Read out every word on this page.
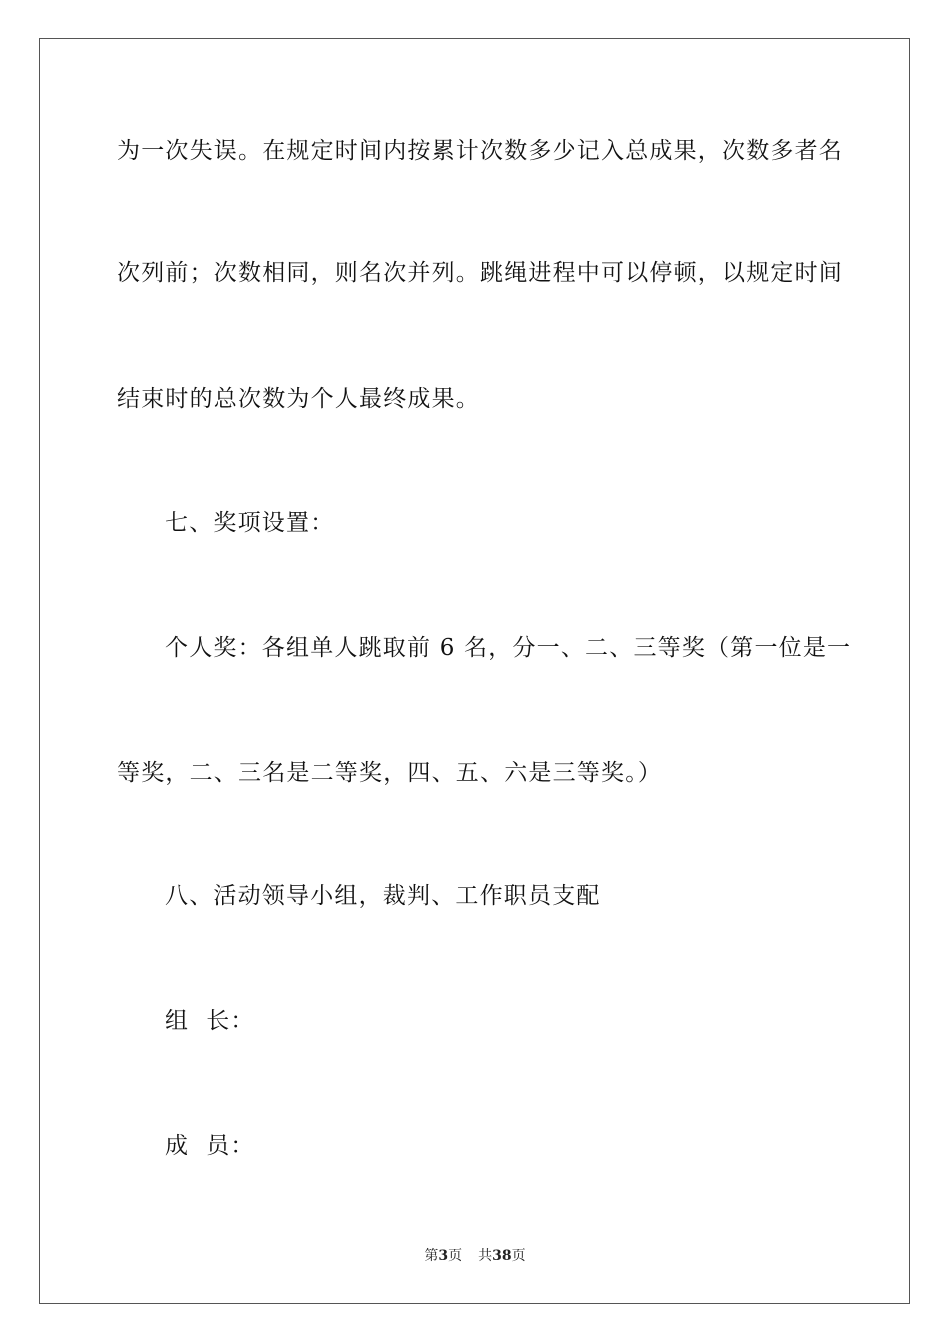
为一次失误。在规定时间内按累计次数多少记入总成果，次数多者名
次列前；次数相同，则名次并列。跳绳进程中可以停顿，以规定时间
结束时的总次数为个人最终成果。
七、奖项设置：
个人奖：各组单人跳取前 6 名，分一、二、三等奖（第一位是一
等奖，二、三名是二等奖，四、五、六是三等奖。）
八、活动领导小组，裁判、工作职员支配
组  长：
成  员：
第3页 共38页
